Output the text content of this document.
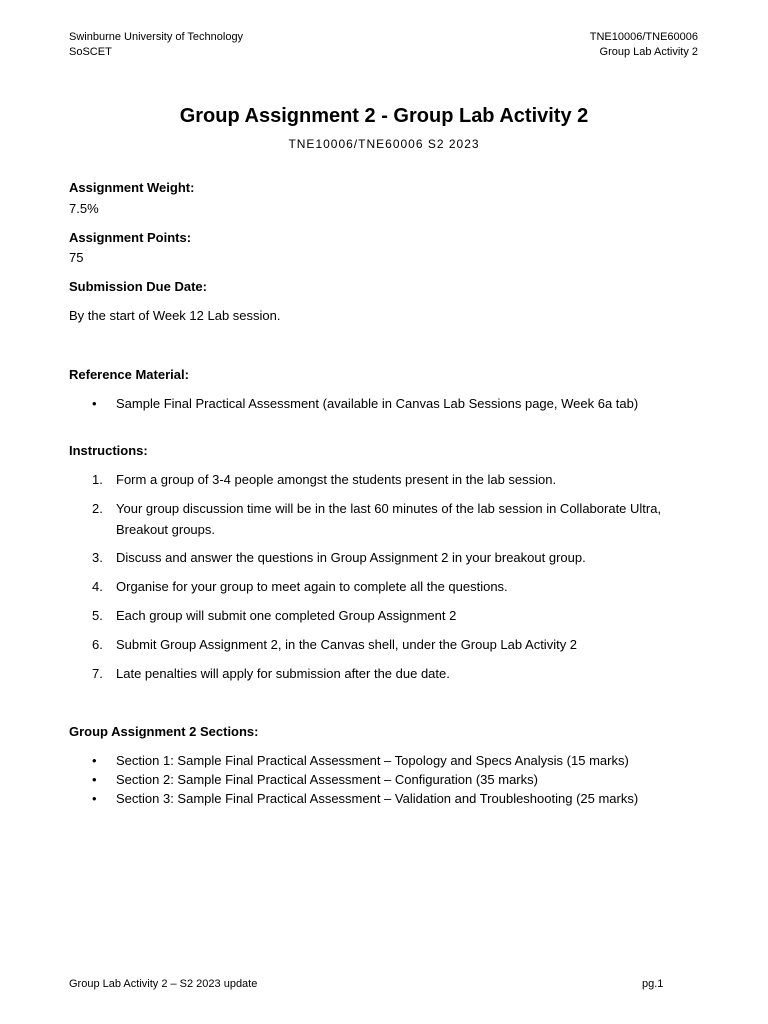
Swinburne University of Technology
SoSCET
TNE10006/TNE60006
Group Lab Activity 2
Group Assignment 2 - Group Lab Activity 2
TNE10006/TNE60006 S2 2023
Assignment Weight:
7.5%
Assignment Points:
75
Submission Due Date:
By the start of Week 12 Lab session.
Reference Material:
• Sample Final Practical Assessment (available in Canvas Lab Sessions page, Week 6a tab)
Instructions:
1. Form a group of 3-4 people amongst the students present in the lab session.
2. Your group discussion time will be in the last 60 minutes of the lab session in Collaborate Ultra, Breakout groups.
3. Discuss and answer the questions in Group Assignment 2 in your breakout group.
4. Organise for your group to meet again to complete all the questions.
5. Each group will submit one completed Group Assignment 2
6. Submit Group Assignment 2, in the Canvas shell, under the Group Lab Activity 2
7. Late penalties will apply for submission after the due date.
Group Assignment 2 Sections:
• Section 1: Sample Final Practical Assessment – Topology and Specs Analysis (15 marks)
• Section 2: Sample Final Practical Assessment – Configuration (35 marks)
• Section 3: Sample Final Practical Assessment – Validation and Troubleshooting (25 marks)
Group Lab Activity 2 – S2 2023 update	pg.1
